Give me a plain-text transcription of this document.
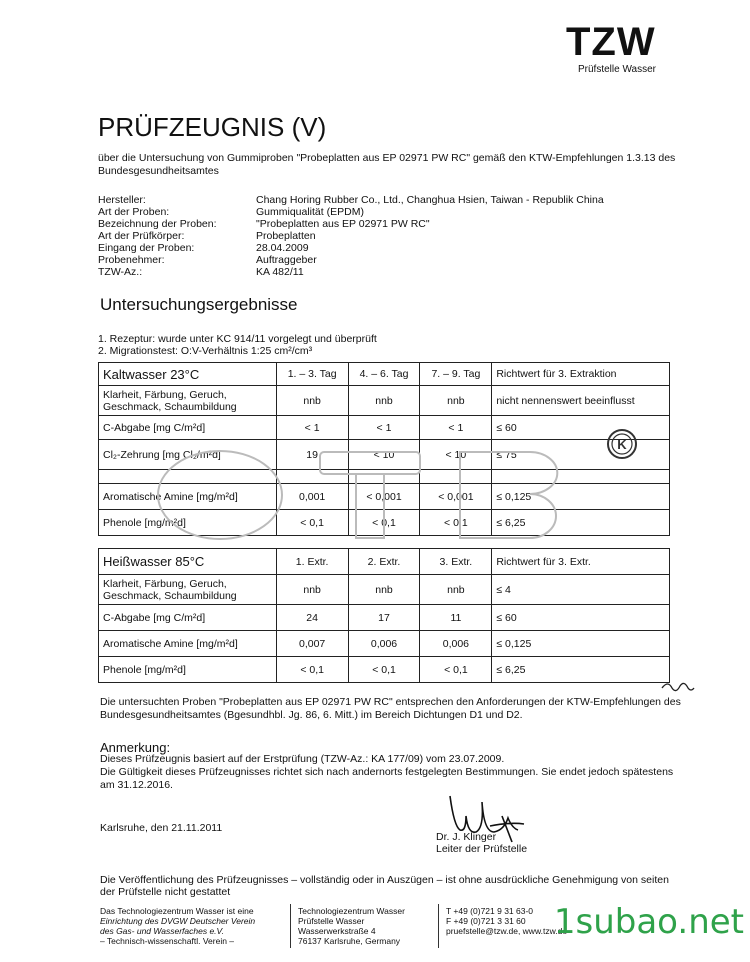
TZW
Prüfstelle Wasser
PRÜFZEUGNIS (V)
über die Untersuchung von Gummiproben "Probeplatten aus EP 02971 PW RC" gemäß den KTW-Empfehlungen 1.3.13 des Bundesgesundheitsamtes
Hersteller:	Chang Horing Rubber Co., Ltd., Changhua Hsien, Taiwan - Republik China
Art der Proben:	Gummiqualität (EPDM)
Bezeichnung der Proben:	"Probeplatten aus EP 02971 PW RC"
Art der Prüfkörper:	Probeplatten
Eingang der Proben:	28.04.2009
Probenehmer:	Auftraggeber
TZW-Az.:	KA 482/11
Untersuchungsergebnisse
1. Rezeptur: wurde unter KC 914/11 vorgelegt und überprüft
2. Migrationstest: O:V-Verhältnis 1:25 cm²/cm³
Kaltwasser 23°C	1. – 3. Tag	4. – 6. Tag	7. – 9. Tag	Richtwert für 3. Extraktion
Klarheit, Färbung, Geruch, Geschmack, Schaumbildung	nnb	nnb	nnb	nicht nennenswert beeinflusst
C-Abgabe [mg C/m²d]	< 1	< 1	< 1	≤ 60
Cl₂-Zehrung [mg Cl₂/m²d]	19	< 10	< 10	≤ 75

Aromatische Amine [mg/m²d]	0,001	< 0,001	< 0,001	≤ 0,125
Phenole [mg/m²d]	< 0,1	< 0,1	< 0,1	≤ 6,25
K
Heißwasser 85°C	1. Extr.	2. Extr.	3. Extr.	Richtwert für 3. Extr.
Klarheit, Färbung, Geruch, Geschmack, Schaumbildung	nnb	nnb	nnb	≤ 4
C-Abgabe [mg C/m²d]	24	17	11	≤ 60
Aromatische Amine [mg/m²d]	0,007	0,006	0,006	≤ 0,125
Phenole [mg/m²d]	< 0,1	< 0,1	< 0,1	≤ 6,25
Die untersuchten Proben "Probeplatten aus EP 02971 PW RC" entsprechen den Anforderungen der KTW-Empfehlungen des Bundesgesundheitsamtes (Bgesundhbl. Jg. 86, 6. Mitt.) im Bereich Dichtungen D1 und D2.
Anmerkung:
Dieses Prüfzeugnis basiert auf der Erstprüfung (TZW-Az.: KA 177/09) vom 23.07.2009.
Die Gültigkeit dieses Prüfzeugnisses richtet sich nach andernorts festgelegten Bestimmungen. Sie endet jedoch spätestens am 31.12.2016.
Karlsruhe, den 21.11.2011
Dr. J. Klinger
Leiter der Prüfstelle
Die Veröffentlichung des Prüfzeugnisses – vollständig oder in Auszügen – ist ohne ausdrückliche Genehmigung von seiten der Prüfstelle nicht gestattet
Das Technologiezentrum Wasser ist eine
Einrichtung des DVGW Deutscher Verein
des Gas- und Wasserfaches e.V.
– Technisch-wissenschaftl. Verein –
Technologiezentrum Wasser
Prüfstelle Wasser
Wasserwerkstraße 4
76137 Karlsruhe, Germany
T +49 (0)721 9 31 63-0
F +49 (0)721 3 31 60
pruefstelle@tzw.de, www.tzw.de
1subao.net
